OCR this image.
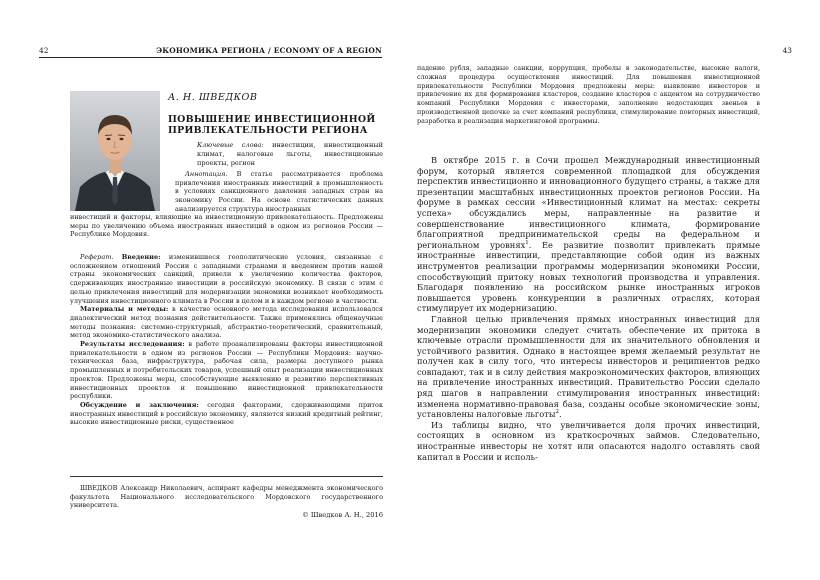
42	ЭКОНОМИКА РЕГИОНА / ECONOMY OF A REGION
А. Н. ШВЕДКОВ
ПОВЫШЕНИЕ ИНВЕСТИЦИОННОЙ
ПРИВЛЕКАТЕЛЬНОСТИ РЕГИОНА
Ключевые слова: инвестиции, инвестиционный климат, налоговые льготы, инвестиционные проекты, регион

Аннотация. В статье рассматривается проблема привлечения иностранных инвестиций в промышленность в условиях санкционного давления западных стран на экономику России. На основе статистических данных анализируется структура иностранных

инвестиций и факторы, влияющие на инвестиционную привлекательность. Предложены меры по увеличению объема иностранных инвестиций в одном из регионов России — Республике Мордовия.

Реферат. Введение: изменившиеся геополитические условия, связанные с осложнением отношений России с западными странами и введением против нашей страны экономических санкций, привели к увеличению количества факторов, сдерживающих иностранные инвестиции в российскую экономику. В связи с этим с целью привлечения инвестиций для модернизации экономики возникает необходимость улучшения инвестиционного климата в России в целом и в каждом регионе в частности.

Материалы и методы: в качестве основного метода исследования использовался диалектический метод познания действительности. Также применялись общенаучные методы познания: системно-структурный, абстрактно-теоретический, сравнительный, метод экономико-статистического анализа.

Результаты исследования: в работе проанализированы факторы инвестиционной привлекательности в одном из регионов России — Республики Мордовия: научно-техническая база, инфраструктура, рабочая сила, размеры доступного рынка промышленных и потребительских товаров, успешный опыт реализации инвестиционных проектов. Предложены меры, способствующие выявлению и развитию перспективных инвестиционных проектов и повышению инвестиционной привлекательности республики.

Обсуждение и заключения: сегодня факторами, сдерживающими приток иностранных инвестиций в российскую экономику, являются низкий кредитный рейтинг, высокие инвестиционные риски, существенное

ШВЕДКОВ Александр Николаевич, аспирант кафедры менеджмента экономического факультета Национального исследовательского Мордовского государственного университета.

© Шведков А. Н., 2016
43

падение рубля, западные санкции, коррупция, пробелы в законодательстве, высокие налоги, сложная процедура осуществления инвестиций. Для повышения инвестиционной привлекательности Республики Мордовия предложены меры: выявление инвесторов и привлечение их для формирования кластеров, создание кластеров с акцентом на сотрудничество компаний Республики Мордовия с инвесторами, заполнение недостающих звеньев в производственной цепочке за счет компаний республики, стимулирование повторных инвестиций, разработка и реализация маркетинговой программы.

В октябре 2015 г. в Сочи прошел Международный инвестиционный форум, который является современной площадкой для обсуждения перспектив инвестиционно и инновационного будущего страны, а также для презентации масштабных инвестиционных проектов регионов России. На форуме в рамках сессии «Инвестиционный климат на местах: секреты успеха» обсуждались меры, направленные на развитие и совершенствование инвестиционного климата, формирование благоприятной предпринимательской среды на федеральном и региональном уровнях$^1$. Ее развитие позволит привлекать прямые иностранные инвестиции, представляющие собой один из важных инструментов реализации программы модернизации экономики России, способствующий притоку новых технологий производства и управления. Благодаря появлению на российском рынке иностранных игроков повышается уровень конкуренции в различных отраслях, которая стимулирует их модернизацию.

Главной целью привлечения прямых иностранных инвестиций для модернизации экономики следует считать обеспечение их притока в ключевые отрасли промышленности для их значительного обновления и устойчивого развития. Однако в настоящее время желаемый результат не получен как в силу того, что интересы инвесторов и реципиентов редко совпадают, так и в силу действия макроэкономических факторов, влияющих на привлечение иностранных инвестиций. Правительство России сделало ряд шагов в направлении стимулирования иностранных инвестиций: изменена нормативно-правовая база, созданы особые экономические зоны, установлены налоговые льготы$^2$.

Из таблицы видно, что увеличивается доля прочих инвестиций, состоящих в основном из краткосрочных займов. Следовательно, иностранные инвесторы не хотят или опасаются надолго оставлять свой капитал в России и исполь-
